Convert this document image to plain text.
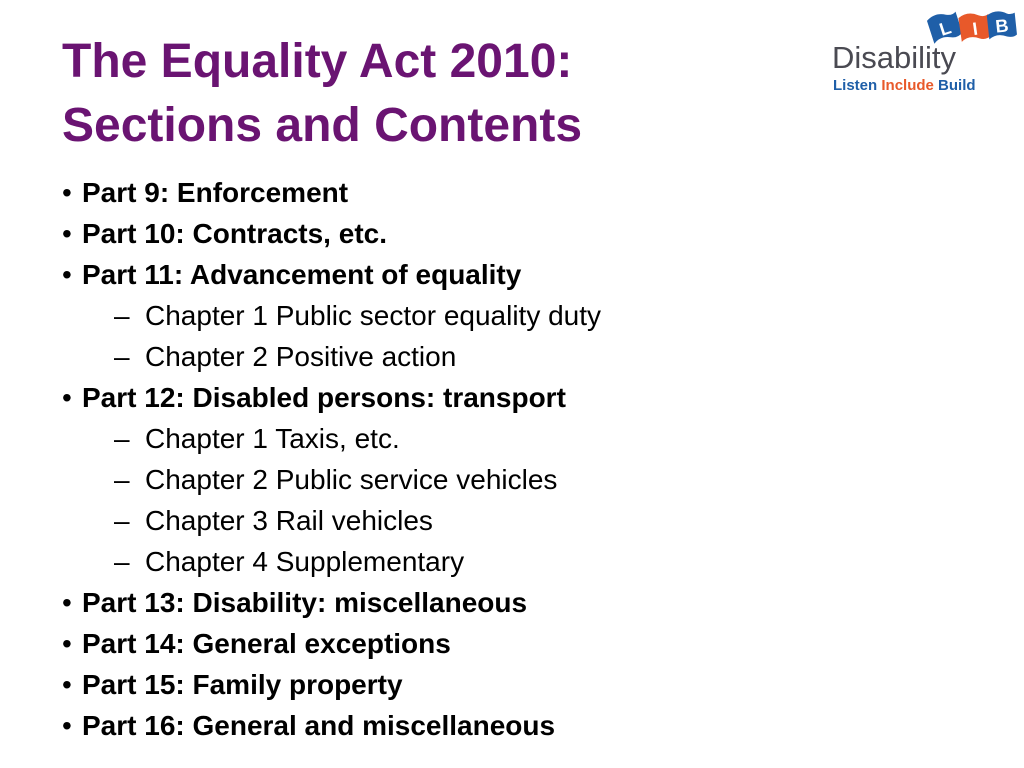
The Equality Act 2010:
Sections and Contents
L I B

Disability

Listen Include Build

• Part 9: Enforcement
• Part 10: Contracts, etc.
• Part 11: Advancement of equality
– Chapter 1 Public sector equality duty
– Chapter 2 Positive action
• Part 12: Disabled persons: transport
– Chapter 1 Taxis, etc.
– Chapter 2 Public service vehicles
– Chapter 3 Rail vehicles
– Chapter 4 Supplementary
• Part 13: Disability: miscellaneous
• Part 14: General exceptions
• Part 15: Family property
• Part 16: General and miscellaneous
